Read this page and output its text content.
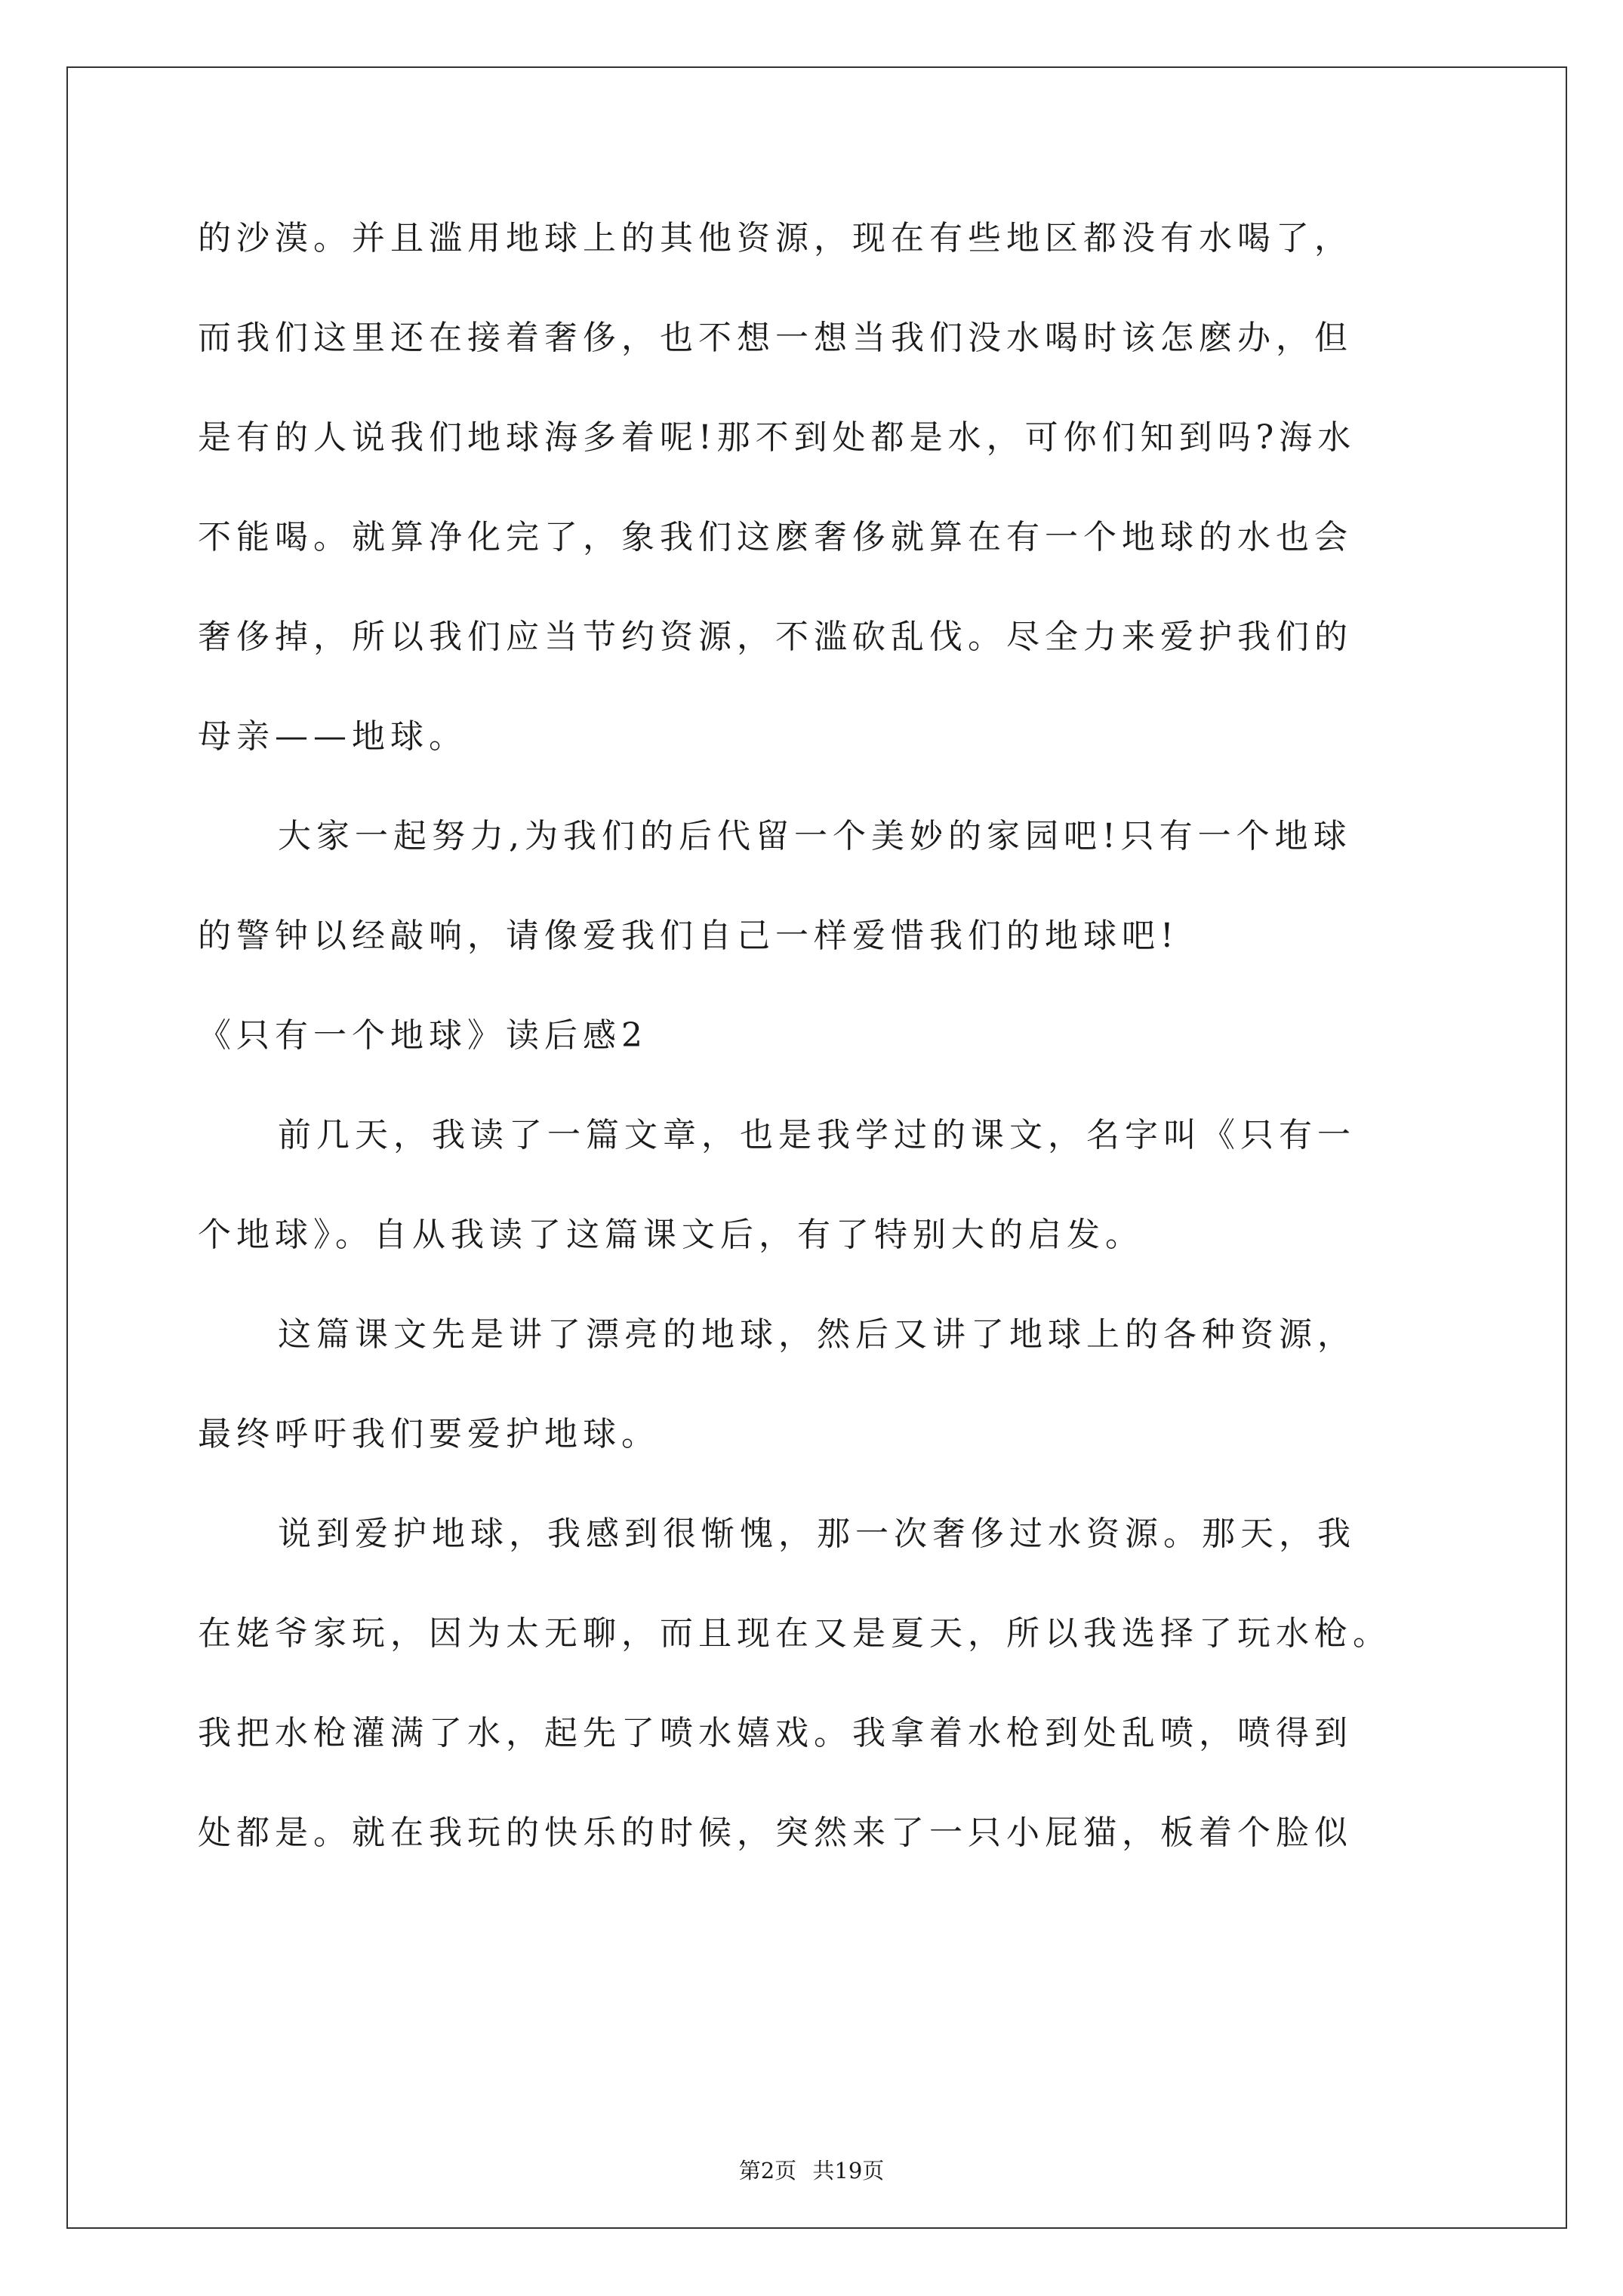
的沙漠。并且滥用地球上的其他资源，现在有些地区都没有水喝了，
而我们这里还在接着奢侈，也不想一想当我们没水喝时该怎麽办，但
是有的人说我们地球海多着呢!那不到处都是水，可你们知到吗?海水
不能喝。就算净化完了，象我们这麽奢侈就算在有一个地球的水也会
奢侈掉，所以我们应当节约资源，不滥砍乱伐。尽全力来爱护我们的
母亲——地球。
大家一起努力,为我们的后代留一个美妙的家园吧!只有一个地球
的警钟以经敲响，请像爱我们自己一样爱惜我们的地球吧!
《只有一个地球》读后感2
前几天，我读了一篇文章，也是我学过的课文，名字叫《只有一
个地球》。自从我读了这篇课文后，有了特别大的启发。
这篇课文先是讲了漂亮的地球，然后又讲了地球上的各种资源，
最终呼吁我们要爱护地球。
说到爱护地球，我感到很惭愧，那一次奢侈过水资源。那天，我
在姥爷家玩，因为太无聊，而且现在又是夏天，所以我选择了玩水枪。
我把水枪灌满了水，起先了喷水嬉戏。我拿着水枪到处乱喷，喷得到
处都是。就在我玩的快乐的时候，突然来了一只小屁猫，板着个脸似
第2页 共19页
